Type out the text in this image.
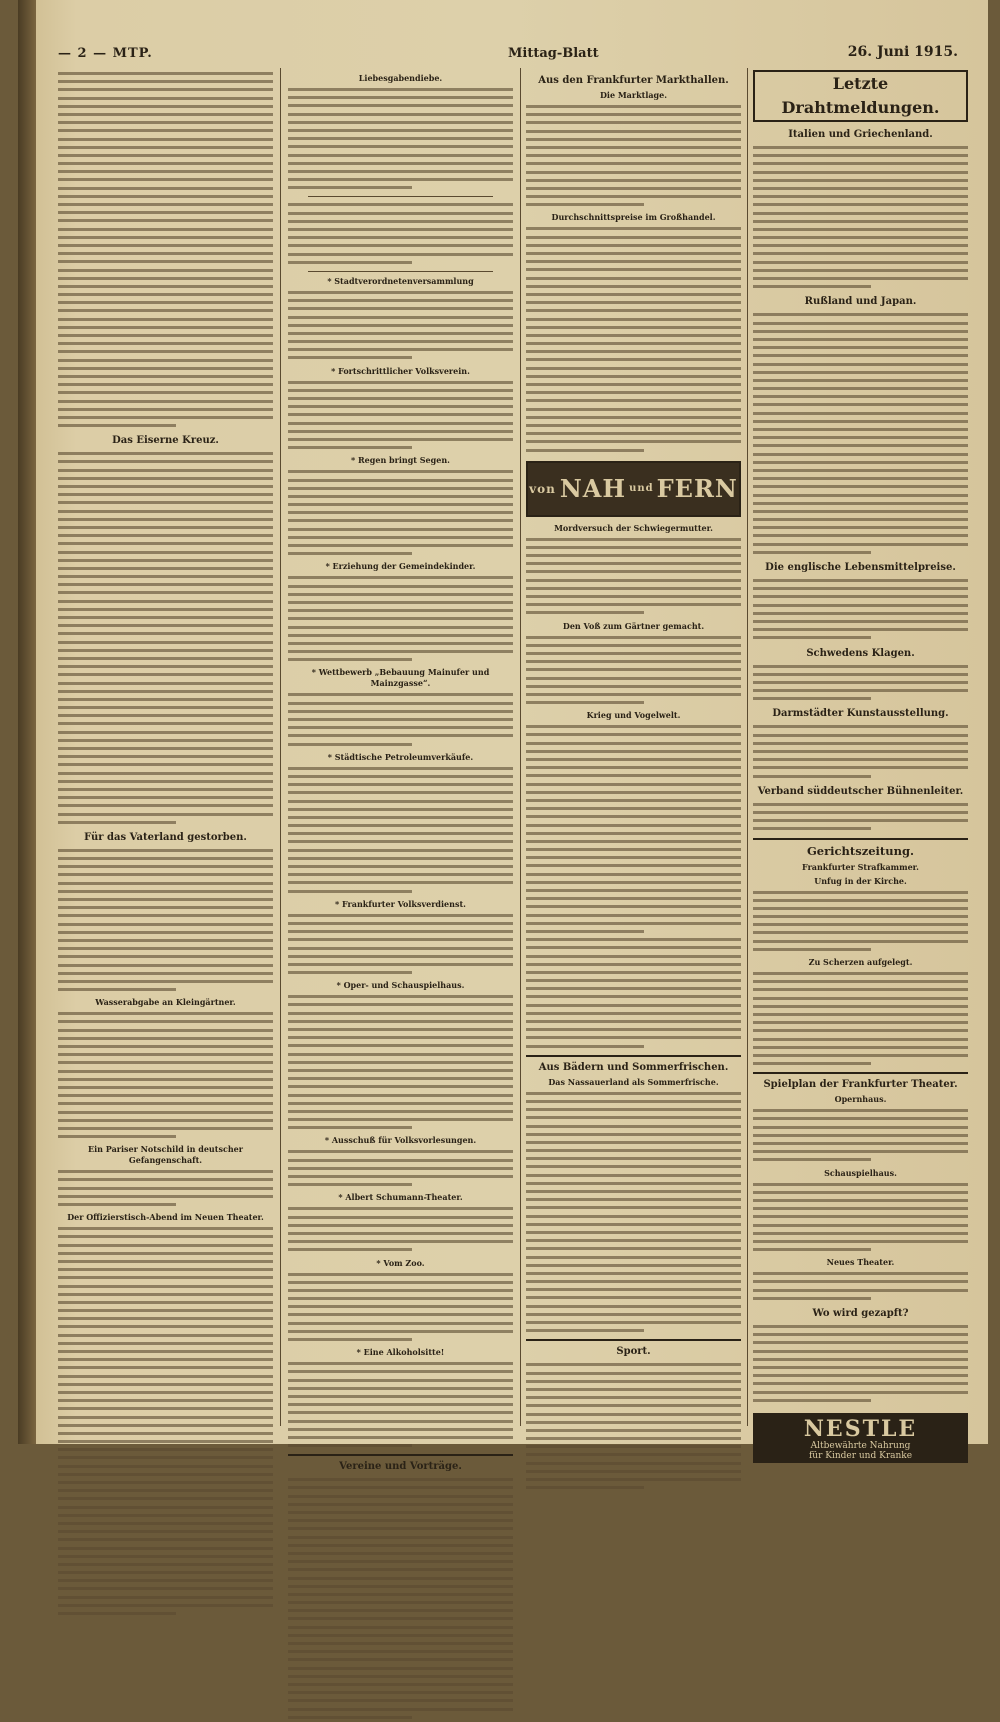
— 2 — MTP.	Mittag-Blatt	26. Juni 1915.
Das Eiserne Kreuz.
Für das Vaterland gestorben.
Wasserabgabe an Kleingärtner.
Ein Pariser Notschild in deutscher Gefangenschaft.
Der Offizierstisch-Abend im Neuen Theater.
Liebesgabendiebe.
* Stadtverordnetenversammlung
* Fortschrittlicher Volksverein.
* Regen bringt Segen.
* Erziehung der Gemeindekinder.
* Wettbewerb „Bebauung Mainufer und Mainzgasse“.
* Städtische Petroleumverkäufe.
* Frankfurter Volksverdienst.
* Oper- und Schauspielhaus.
* Ausschuß für Volksvorlesungen.
* Albert Schumann-Theater.
* Vom Zoo.
* Eine Alkoholsitte!
Vereine und Vorträge.
Aus den Frankfurter Markthallen.
Die Marktlage.
Durchschnittspreise im Großhandel.
von NAH und FERN
Mordversuch der Schwiegermutter.
Den Voß zum Gärtner gemacht.
Krieg und Vogelwelt.
Aus Bädern und Sommerfrischen.
Das Nassauerland als Sommerfrische.
Sport.
Letzte Drahtmeldungen.
Italien und Griechenland.
Rußland und Japan.
Die englische Lebensmittelpreise.
Schwedens Klagen.
Darmstädter Kunstausstellung.
Verband süddeutscher Bühnenleiter.
Gerichtszeitung.
Frankfurter Strafkammer.
Unfug in der Kirche.
Zu Scherzen aufgelegt.
Spielplan der Frankfurter Theater.
Opernhaus.
Schauspielhaus.
Neues Theater.
Wo wird gezapft?
NESTLE
Altbewährte Nahrung
für Kinder und Kranke
